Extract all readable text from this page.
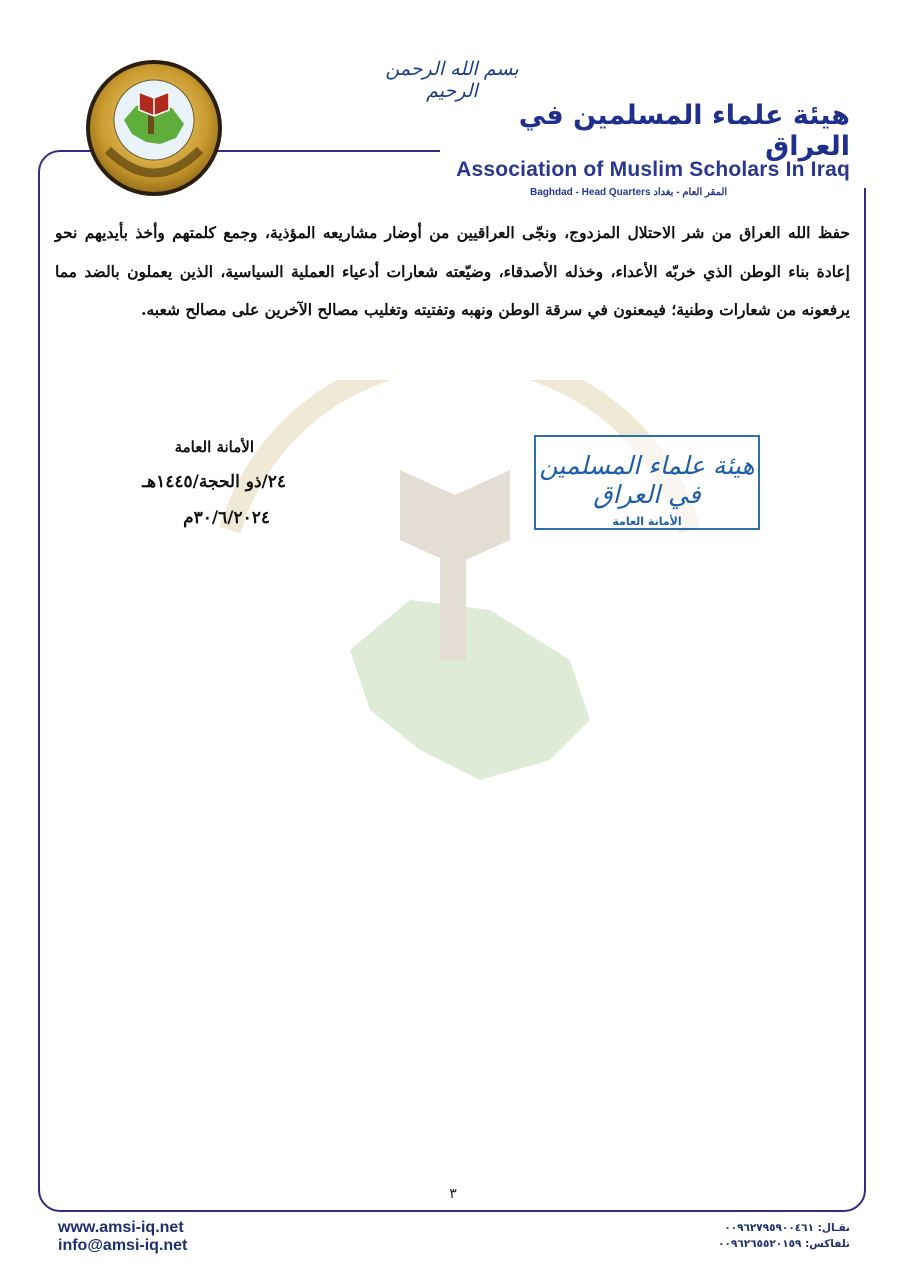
بسم الله الرحمن الرحيم
هيئة علماء المسلمين في العراق
Association of Muslim Scholars In Iraq
Baghdad - Head Quarters المقر العام - بغداد
حفظ الله العراق من شر الاحتلال المزدوج، ونجّى العراقيين من أوضار مشاريعه المؤذية، وجمع كلمتهم وأخذ بأيديهم نحو إعادة بناء الوطن الذي خربّه الأعداء، وخذله الأصدقاء، وضيّعته شعارات أدعياء العملية السياسية، الذين يعملون بالضد مما يرفعونه من شعارات وطنية؛ فيمعنون في سرقة الوطن ونهبه وتفتيته وتغليب مصالح الآخرين على مصالح شعبه.
الأمانة العامة
٢٤/ذو الحجة/١٤٤٥هـ
٣٠/٦/٢٠٢٤م
هيئة علماء المسلمين في العراق
الأمانة العامة
٣
www.amsi-iq.net
info@amsi-iq.net
نقـال: ٠٠٩٦٢٧٩٥٩٠٠٤٦١
تلفاكس: ٠٠٩٦٢٦٥٥٢٠١٥٩
